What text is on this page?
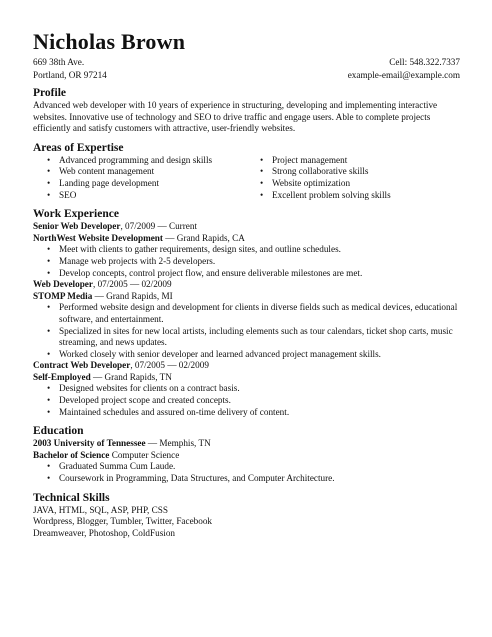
Nicholas Brown
669 38th Ave.	Cell: 548.322.7337
Portland, OR 97214	example-email@example.com
Profile

Advanced web developer with 10 years of experience in structuring, developing and implementing interactive websites. Innovative use of technology and SEO to drive traffic and engage users. Able to complete projects efficiently and satisfy customers with attractive, user-friendly websites.

Areas of Expertise
• Advanced programming and design skills
• Web content management
• Landing page development
• SEO
• Project management
• Strong collaborative skills
• Website optimization
• Excellent problem solving skills
Work Experience
Senior Web Developer, 07/2009 — Current
NorthWest Website Development — Grand Rapids, CA
• Meet with clients to gather requirements, design sites, and outline schedules.
• Manage web projects with 2-5 developers.
• Develop concepts, control project flow, and ensure deliverable milestones are met.
Web Developer, 07/2005 — 02/2009
STOMP Media — Grand Rapids, MI
• Performed website design and development for clients in diverse fields such as medical devices, educational software, and entertainment.
• Specialized in sites for new local artists, including elements such as tour calendars, ticket shop carts, music streaming, and news updates.
• Worked closely with senior developer and learned advanced project management skills.
Contract Web Developer, 07/2005 — 02/2009
Self-Employed — Grand Rapids, TN
• Designed websites for clients on a contract basis.
• Developed project scope and created concepts.
• Maintained schedules and assured on-time delivery of content.
Education
2003 University of Tennessee — Memphis, TN
Bachelor of Science Computer Science
• Graduated Summa Cum Laude.
• Coursework in Programming, Data Structures, and Computer Architecture.
Technical Skills

JAVA, HTML, SQL, ASP, PHP, CSS

Wordpress, Blogger, Tumbler, Twitter, Facebook

Dreamweaver, Photoshop, ColdFusion
